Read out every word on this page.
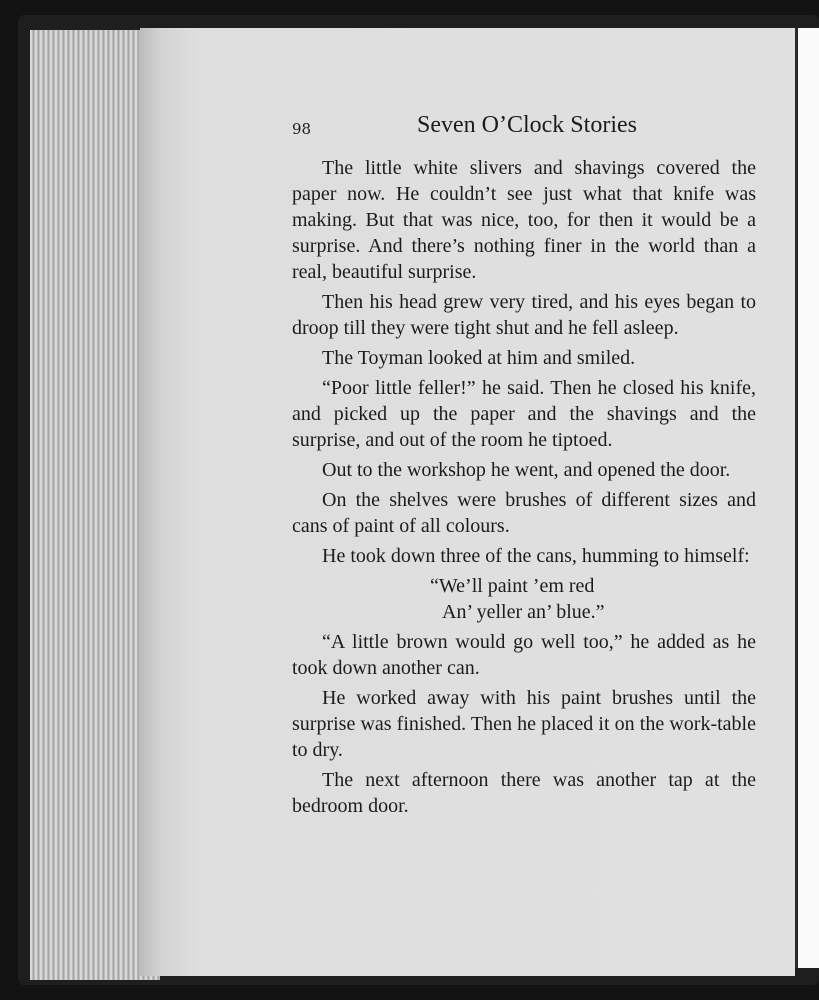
98	Seven O’Clock Stories

The little white slivers and shavings covered the paper now. He couldn’t see just what that knife was making. But that was nice, too, for then it would be a surprise. And there’s nothing finer in the world than a real, beautiful surprise.

Then his head grew very tired, and his eyes began to droop till they were tight shut and he fell asleep.

The Toyman looked at him and smiled.

“Poor little feller!” he said. Then he closed his knife, and picked up the paper and the shavings and the surprise, and out of the room he tiptoed.

Out to the workshop he went, and opened the door.

On the shelves were brushes of different sizes and cans of paint of all colours.

He took down three of the cans, humming to himself:

“We’ll paint ’em red
An’ yeller an’ blue.”

“A little brown would go well too,” he added as he took down another can.

He worked away with his paint brushes until the surprise was finished. Then he placed it on the work-table to dry.

The next afternoon there was another tap at the bedroom door.
